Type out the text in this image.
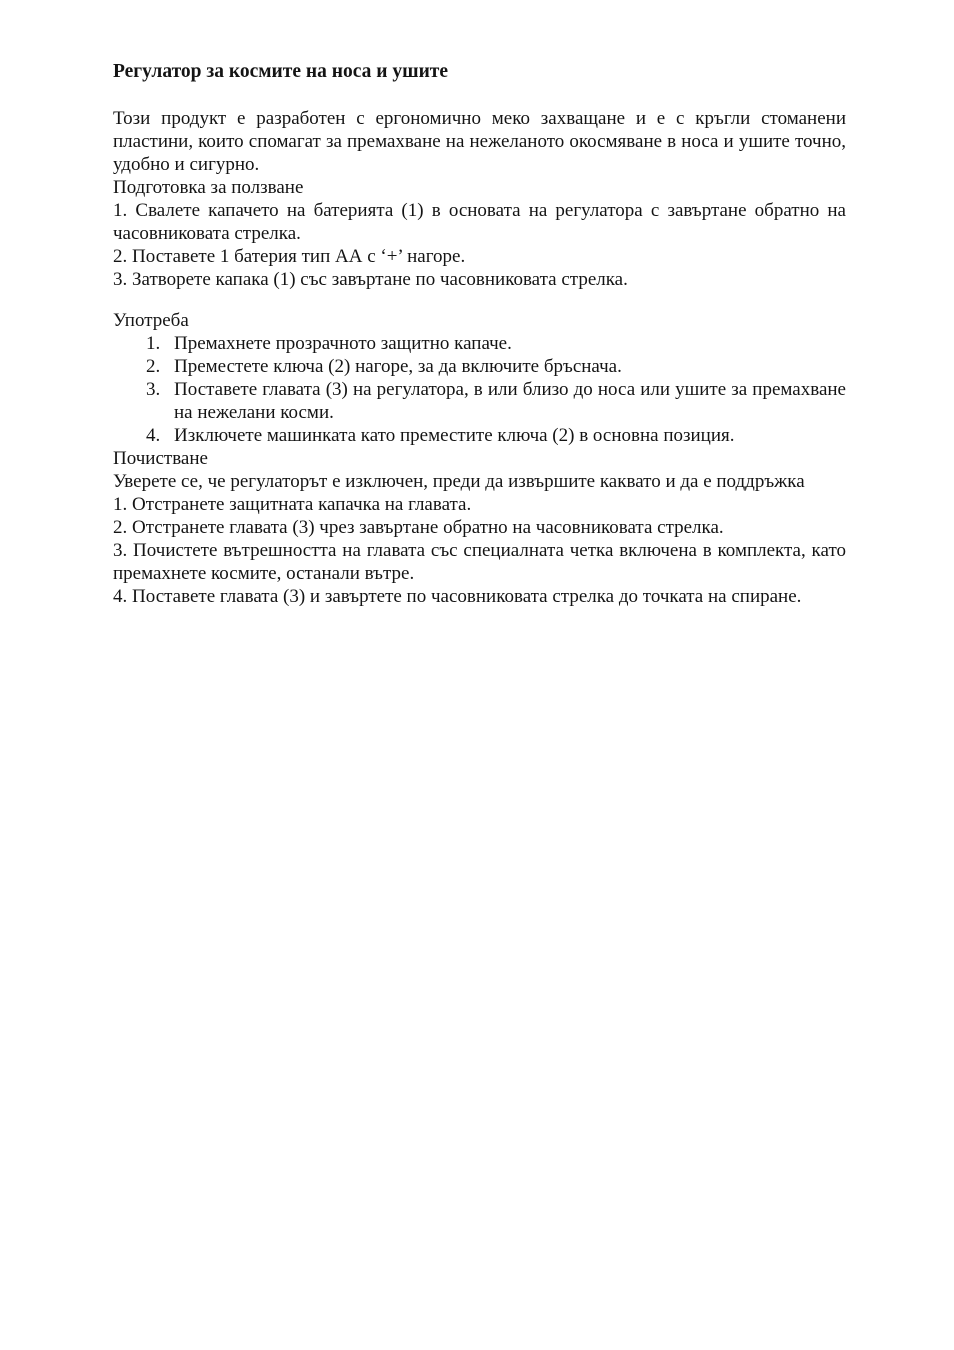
Регулатор за космите на носа и ушите

Този продукт е разработен с ергономично меко захващане и е с кръгли стоманени пластини, които спомагат за премахване на нежеланото окосмяване в носа и ушите точно, удобно и сигурно.

Подготовка за ползване

1. Свалете капачето на батерията (1) в основата на регулатора с завъртане обратно на часовниковата стрелка.

2. Поставете 1 батерия тип АА с ‘+’ нагоре.

3. Затворете капака (1) със завъртане по часовниковата стрелка.

Употреба
1. Премахнете прозрачното защитно капаче.
2. Преместете ключа (2) нагоре, за да включите бръснача.
3. Поставете главата (3) на регулатора, в или близо до носа или ушите за премахване на нежелани косми.
4. Изключете машинката като преместите ключа (2) в основна позиция.
Почистване

Уверете се, че регулаторът е изключен, преди да извършите каквато и да е поддръжка

1. Отстранете защитната капачка на главата.

2. Отстранете главата (3) чрез завъртане обратно на часовниковата стрелка.

3. Почистете вътрешността на главата със специалната четка включена в комплекта, като премахнете космите, останали вътре.

4. Поставете главата (3) и завъртете по часовниковата стрелка до точката на спиране.
